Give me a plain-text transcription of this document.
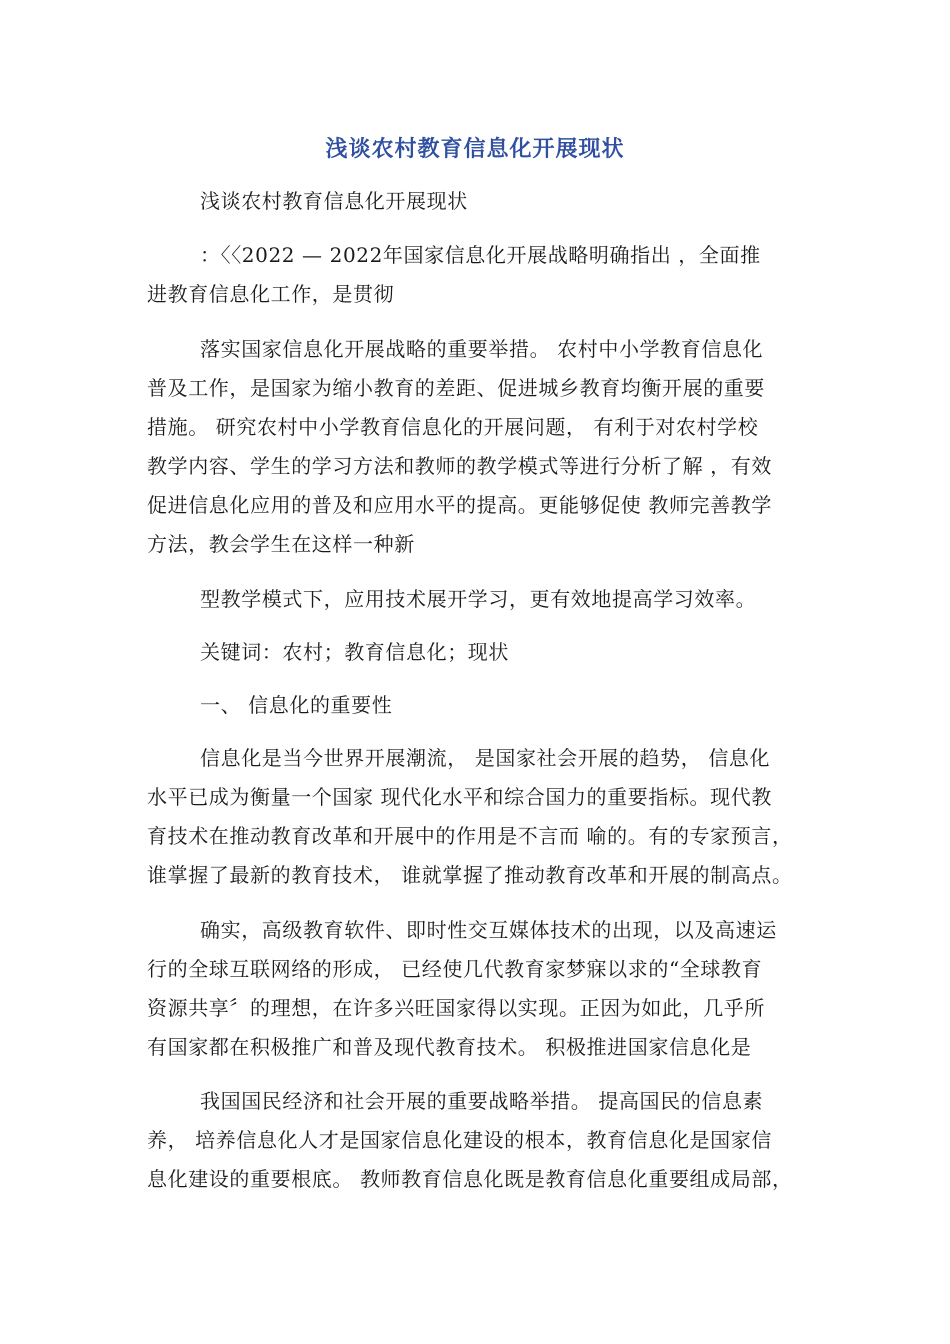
浅谈农村教育信息化开展现状
浅谈农村教育信息化开展现状
：〈〈2022 — 2022年国家信息化开展战略明确指出 ，全面推
进教育信息化工作，是贯彻
落实国家信息化开展战略的重要举措。 农村中小学教育信息化
普及工作，是国家为缩小教育的差距、促进城乡教育均衡开展的重要
措施。 研究农村中小学教育信息化的开展问题， 有利于对农村学校
教学内容、学生的学习方法和教师的教学模式等进行分析了解 ，有效
促进信息化应用的普及和应用水平的提高。更能够促使 教师完善教学
方法，教会学生在这样一种新
型教学模式下，应用技术展开学习，更有效地提高学习效率。
关键词：农村；教育信息化；现状
一、 信息化的重要性
信息化是当今世界开展潮流， 是国家社会开展的趋势， 信息化
水平已成为衡量一个国家 现代化水平和综合国力的重要指标。现代教
育技术在推动教育改革和开展中的作用是不言而 喻的。有的专家预言，
谁掌握了最新的教育技术， 谁就掌握了推动教育改革和开展的制高点。
确实，高级教育软件、即时性交互媒体技术的出现，以及高速运
行的全球互联网络的形成， 已经使几代教育家梦寐以求的“全球教育
资源共享〞的理想，在许多兴旺国家得以实现。正因为如此，几乎所
有国家都在积极推广和普及现代教育技术。 积极推进国家信息化是
我国国民经济和社会开展的重要战略举措。 提高国民的信息素
养， 培养信息化人才是国家信息化建设的根本，教育信息化是国家信
息化建设的重要根底。 教师教育信息化既是教育信息化重要组成局部，
